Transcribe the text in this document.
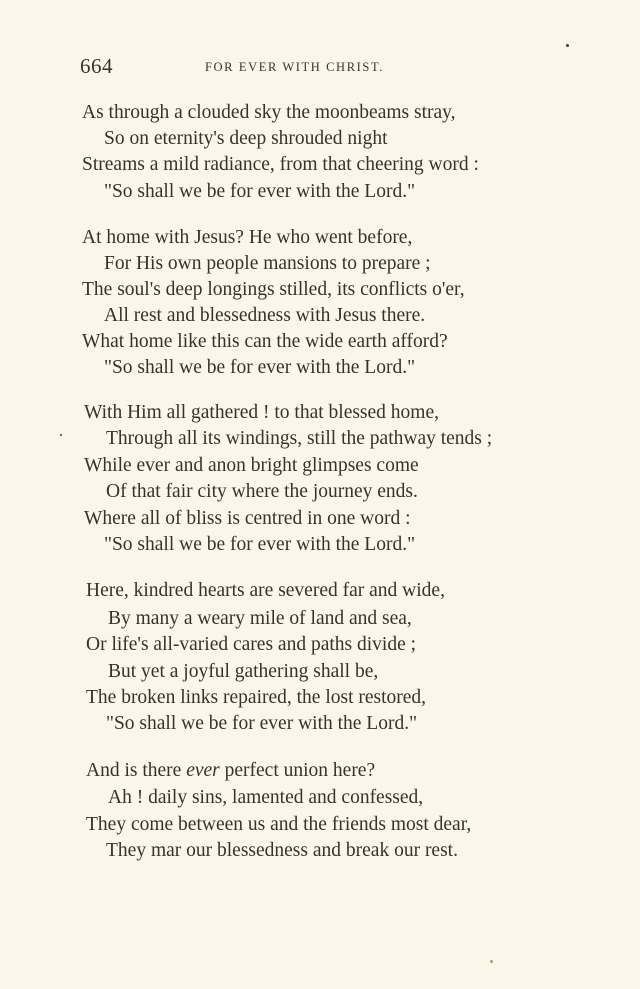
664	FOR EVER WITH CHRIST.
As through a clouded sky the moonbeams stray,
So on eternity's deep shrouded night
Streams a mild radiance, from that cheering word :
"So shall we be for ever with the Lord."
At home with Jesus? He who went before,
For His own people mansions to prepare ;
The soul's deep longings stilled, its conflicts o'er,
All rest and blessedness with Jesus there.
What home like this can the wide earth afford?
"So shall we be for ever with the Lord."
With Him all gathered ! to that blessed home,
Through all its windings, still the pathway tends ;
While ever and anon bright glimpses come
Of that fair city where the journey ends.
Where all of bliss is centred in one word :
"So shall we be for ever with the Lord."
Here, kindred hearts are severed far and wide,
By many a weary mile of land and sea,
Or life's all-varied cares and paths divide ;
But yet a joyful gathering shall be,
The broken links repaired, the lost restored,
"So shall we be for ever with the Lord."
And is there ever perfect union here?
Ah ! daily sins, lamented and confessed,
They come between us and the friends most dear,
They mar our blessedness and break our rest.
